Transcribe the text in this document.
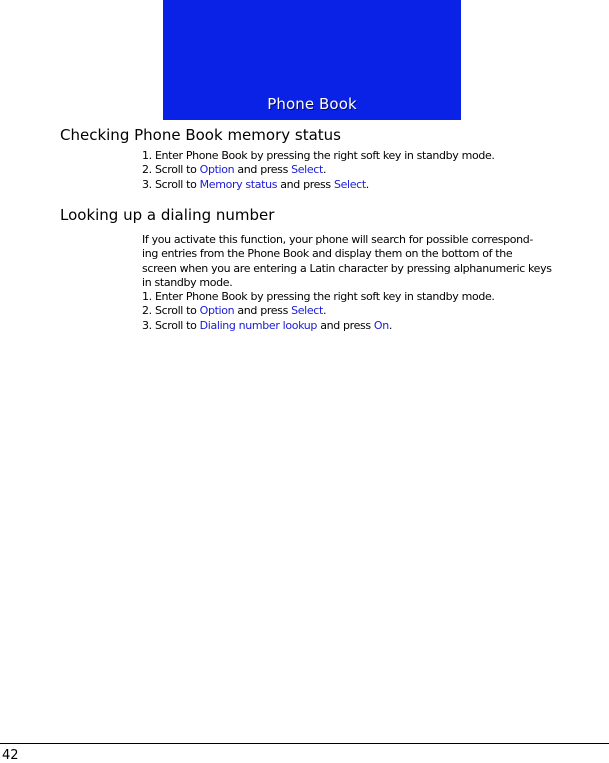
Phone Book
Checking Phone Book memory status
1. Enter Phone Book by pressing the right soft key in standby mode.
2. Scroll to Option and press Select.
3. Scroll to Memory status and press Select.
Looking up a dialing number
If you activate this function, your phone will search for possible correspond-
ing entries from the Phone Book and display them on the bottom of the
screen when you are entering a Latin character by pressing alphanumeric keys
in standby mode.
1. Enter Phone Book by pressing the right soft key in standby mode.
2. Scroll to Option and press Select.
3. Scroll to Dialing number lookup and press On.
42
